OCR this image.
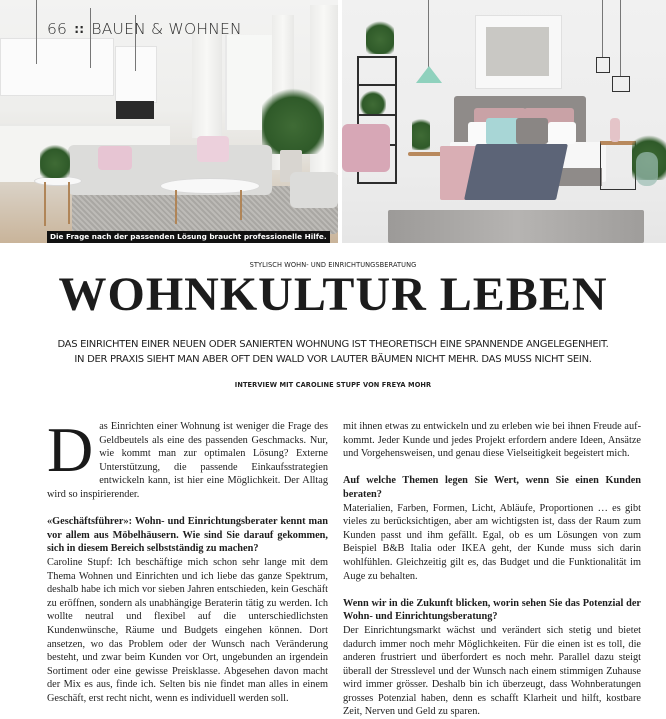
66 :: BAUEN & WOHNEN
Die Frage nach der passenden Lösung braucht professionelle Hilfe.
STYLISCH WOHN- UND EINRICHTUNGSBERATUNG
WOHNKULTUR LEBEN
DAS EINRICHTEN EINER NEUEN ODER SANIERTEN WOHNUNG IST THEORETISCH EINE SPANNENDE ANGELEGENHEIT.
IN DER PRAXIS SIEHT MAN ABER OFT DEN WALD VOR LAUTER BÄUMEN NICHT MEHR. DAS MUSS NICHT SEIN.
INTERVIEW MIT CAROLINE STUPF VON FREYA MOHR

D as Einrichten einer Wohnung ist weniger die Frage des Geldbeutels als eine des passenden Geschmacks. Nur, wie kommt man zur optimalen Lösung? Externe Unterstützung, die passende Einkaufsstrategien entwickeln kann, ist hier eine Möglichkeit. Der Alltag wird so inspirierender.

«Geschäftsführer»: Wohn- und Einrichtungsberater kennt man vor allem aus Möbelhäusern. Wie sind Sie darauf gekommen, sich in diesem Bereich selbstständig zu machen?

Caroline Stupf: Ich beschäftige mich schon sehr lange mit dem Thema Wohnen und Einrichten und ich liebe das ganze Spektrum, deshalb habe ich mich vor sieben Jahren entschieden, kein Geschäft zu eröffnen, sondern als unabhängige Beraterin tätig zu werden. Ich wollte neutral und flexibel auf die unterschiedlichsten Kundenwünsche, Räume und Budgets eingehen können. Dort ansetzen, wo das Problem oder der Wunsch nach Veränderung besteht, und zwar beim Kunden vor Ort, ungebunden an irgendein Sortiment oder eine gewisse Preisklasse. Abgesehen davon macht der Mix es aus, finde ich. Selten bis nie findet man alles in einem Geschäft, erst recht nicht, wenn es individuell werden soll.

mit ihnen etwas zu entwickeln und zu erleben wie bei ihnen Freude aufkommt. Jeder Kunde und jedes Projekt erfordern andere Ideen, Ansätze und Vorgehensweisen, und genau diese Vielseitigkeit begeistert mich.

Auf welche Themen legen Sie Wert, wenn Sie einen Kunden beraten?

Materialien, Farben, Formen, Licht, Abläufe, Proportionen … es gibt vieles zu berücksichtigen, aber am wichtigsten ist, dass der Raum zum Kunden passt und ihm gefällt. Egal, ob es um Lösungen von zum Beispiel B&B Italia oder IKEA geht, der Kunde muss sich darin wohlfühlen. Gleichzeitig gilt es, das Budget und die Funktionalität im Auge zu behalten.

Wenn wir in die Zukunft blicken, worin sehen Sie das Potenzial der Wohn- und Einrichtungsberatung?

Der Einrichtungsmarkt wächst und verändert sich stetig und bietet dadurch immer noch mehr Möglichkeiten. Für die einen ist es toll, die anderen frustriert und überfordert es noch mehr. Parallel dazu steigt überall der Stresslevel und der Wunsch nach einem stimmigen Zuhause wird immer grösser. Deshalb bin ich überzeugt, dass Wohnberatungen grosses Potenzial haben, denn es schafft Klarheit und hilft, kostbare Zeit, Nerven und Geld zu sparen.
